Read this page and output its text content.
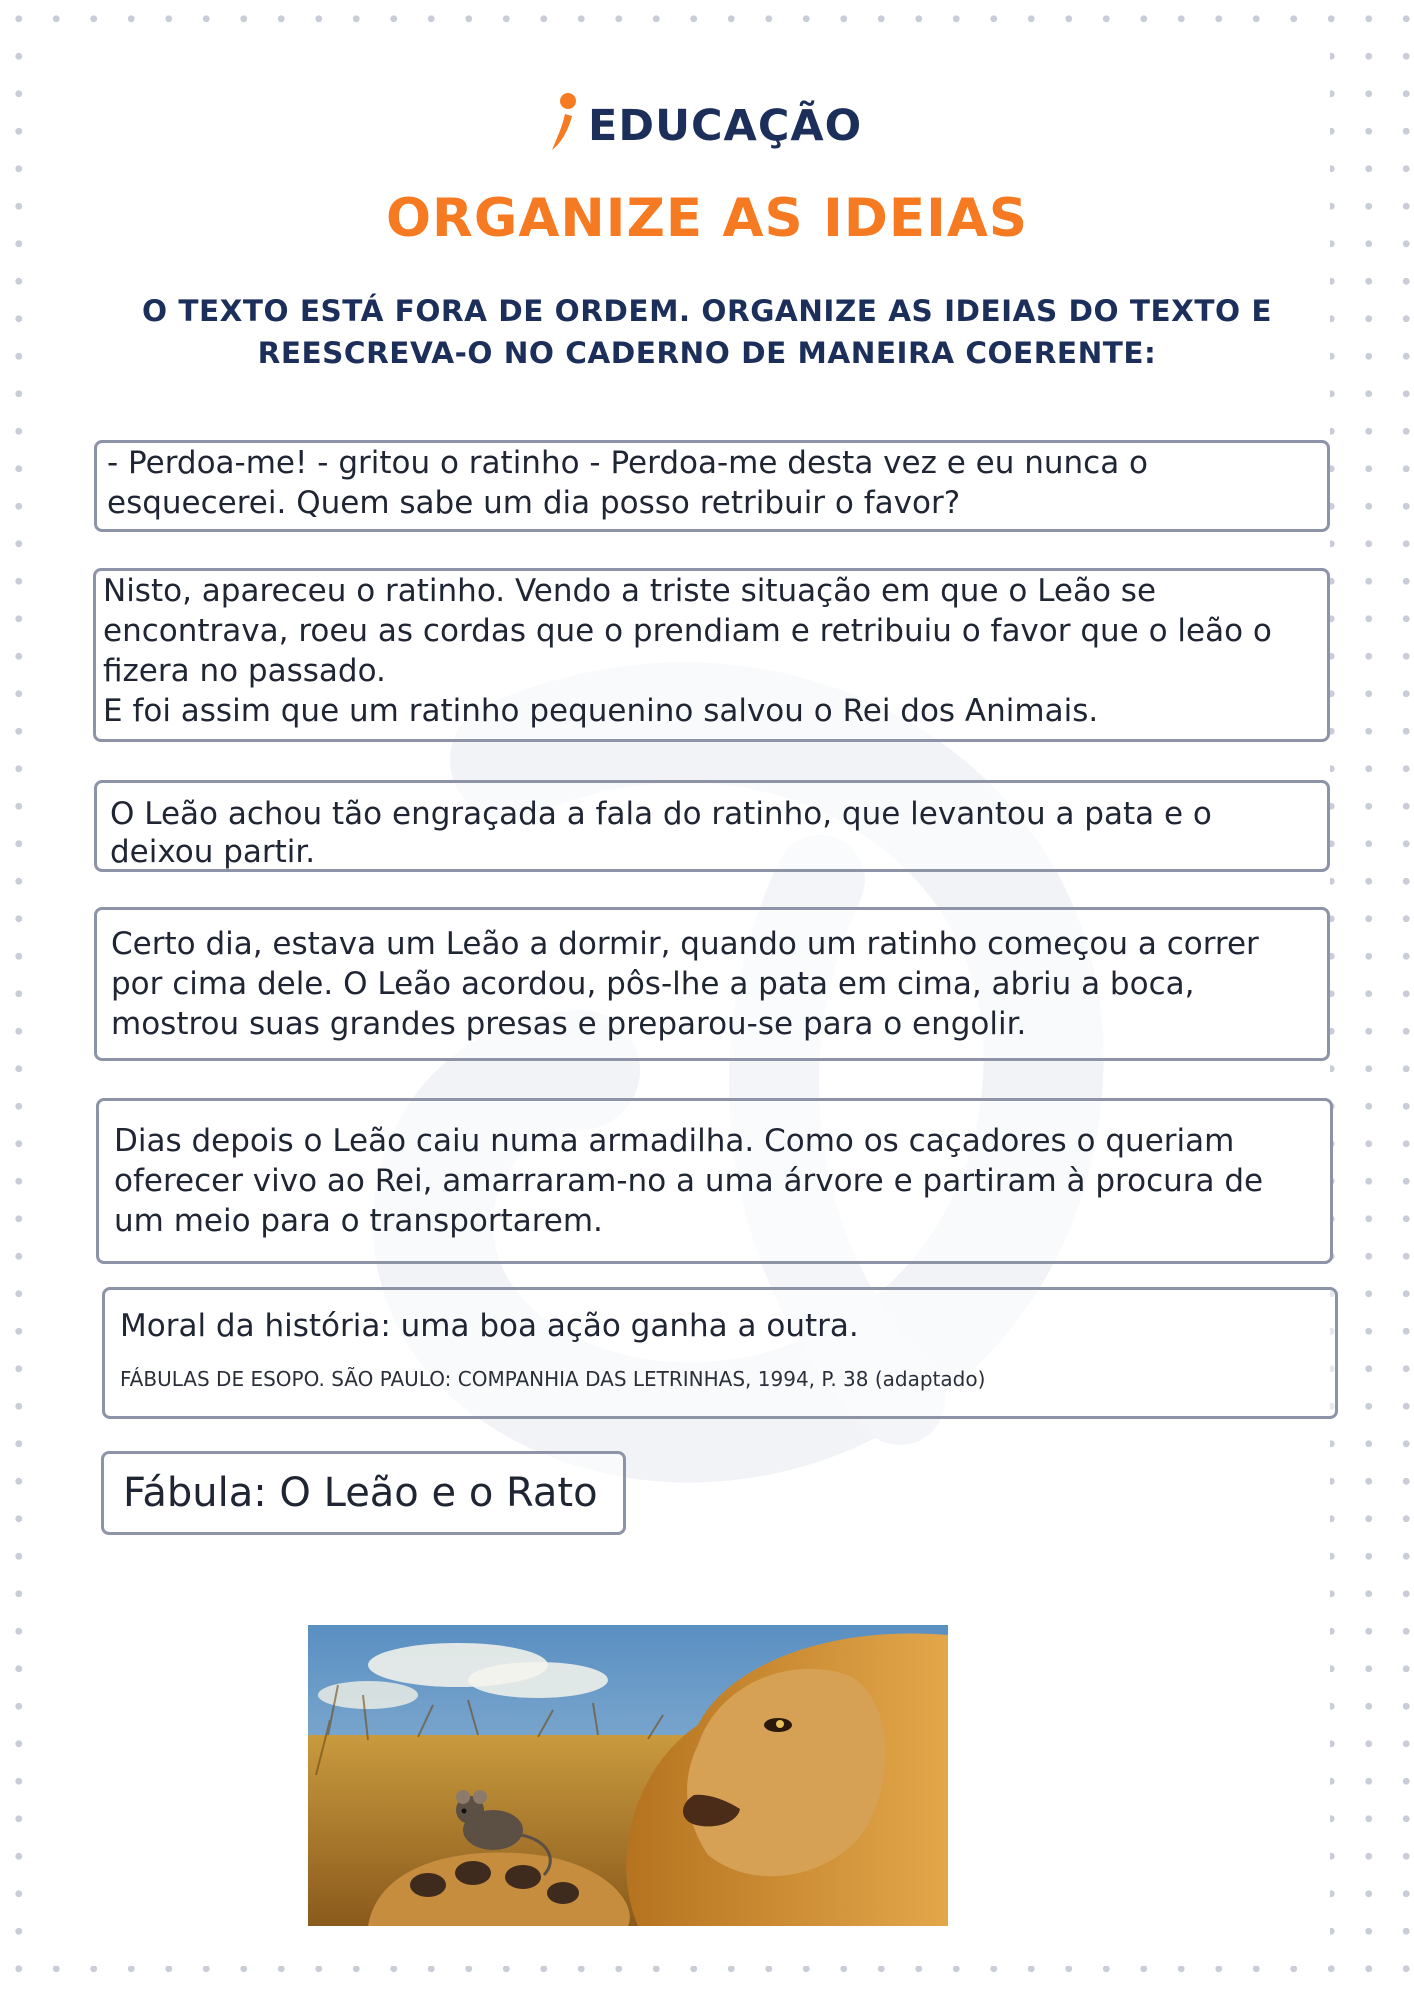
EDUCAÇÃO
ORGANIZE AS IDEIAS
O TEXTO ESTÁ FORA DE ORDEM. ORGANIZE AS IDEIAS DO TEXTO E
REESCREVA-O NO CADERNO DE MANEIRA COERENTE:
- Perdoa-me! - gritou o ratinho - Perdoa-me desta vez e eu nunca o
esquecerei. Quem sabe um dia posso retribuir o favor?
Nisto, apareceu o ratinho. Vendo a triste situação em que o Leão se
encontrava, roeu as cordas que o prendiam e retribuiu o favor que o leão o
fizera no passado.
E foi assim que um ratinho pequenino salvou o Rei dos Animais.
O Leão achou tão engraçada a fala do ratinho, que levantou a pata e o
deixou partir.
Certo dia, estava um Leão a dormir, quando um ratinho começou a correr
por cima dele. O Leão acordou, pôs-lhe a pata em cima, abriu a boca,
mostrou suas grandes presas e preparou-se para o engolir.
Dias depois o Leão caiu numa armadilha. Como os caçadores o queriam
oferecer vivo ao Rei, amarraram-no a uma árvore e partiram à procura de
um meio para o transportarem.
Moral da história: uma boa ação ganha a outra.
FÁBULAS DE ESOPO. SÃO PAULO: COMPANHIA DAS LETRINHAS, 1994, P. 38 (adaptado)
Fábula: O Leão e o Rato
